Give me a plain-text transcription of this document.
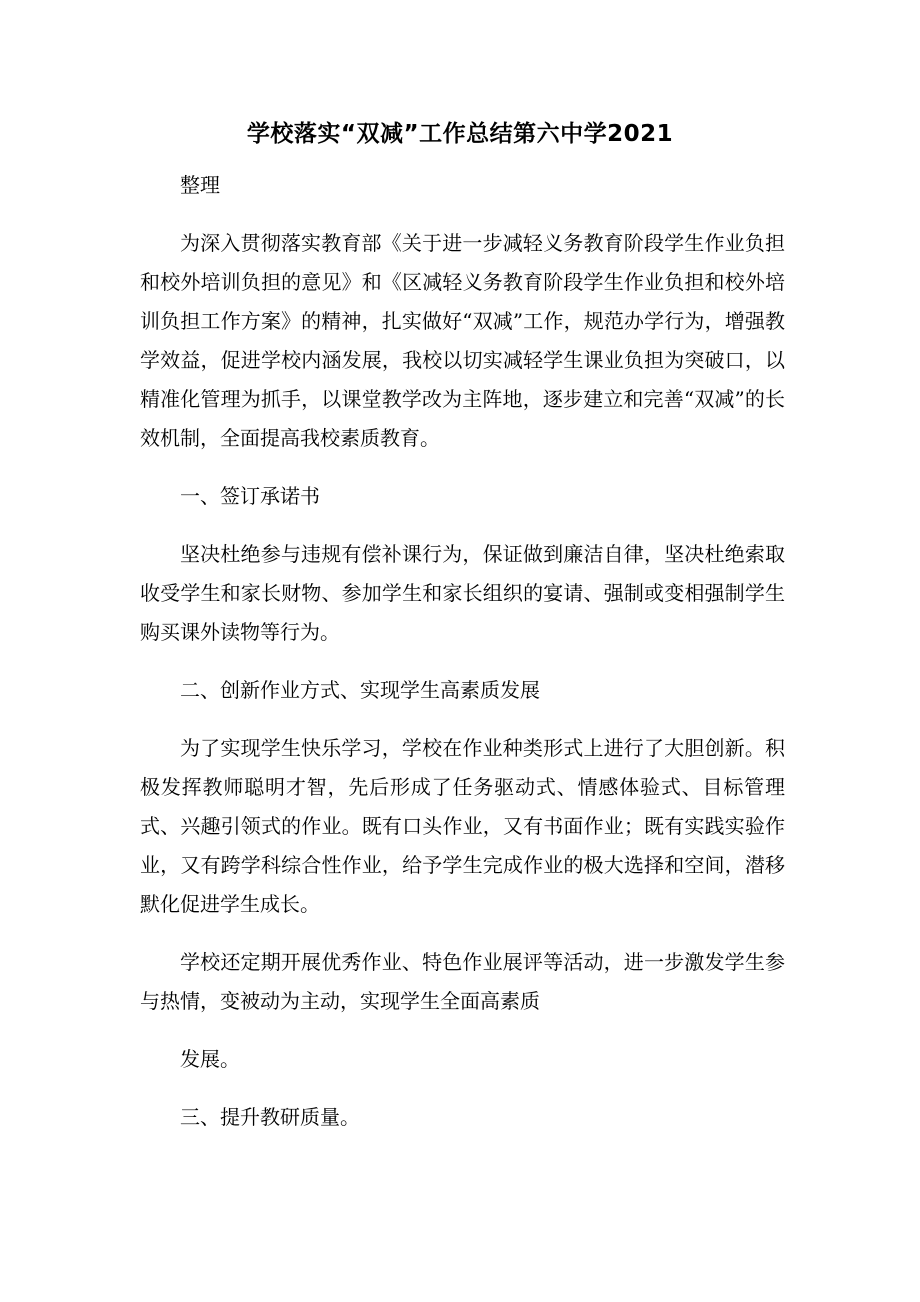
学校落实“双减”工作总结第六中学2021

整理

为深入贯彻落实教育部《关于进一步减轻义务教育阶段学生作业负担和校外培训负担的意见》和《区减轻义务教育阶段学生作业负担和校外培训负担工作方案》的精神，扎实做好“双减”工作，规范办学行为，增强教学效益，促进学校内涵发展，我校以切实减轻学生课业负担为突破口，以精准化管理为抓手，以课堂教学改为主阵地，逐步建立和完善“双减”的长效机制，全面提高我校素质教育。

一、签订承诺书

坚决杜绝参与违规有偿补课行为，保证做到廉洁自律，坚决杜绝索取收受学生和家长财物、参加学生和家长组织的宴请、强制或变相强制学生购买课外读物等行为。

二、创新作业方式、实现学生高素质发展

为了实现学生快乐学习，学校在作业种类形式上进行了大胆创新。积极发挥教师聪明才智，先后形成了任务驱动式、情感体验式、目标管理式、兴趣引领式的作业。既有口头作业，又有书面作业；既有实践实验作业，又有跨学科综合性作业，给予学生完成作业的极大选择和空间，潜移默化促进学生成长。

学校还定期开展优秀作业、特色作业展评等活动，进一步激发学生参与热情，变被动为主动，实现学生全面高素质

发展。

三、提升教研质量。
